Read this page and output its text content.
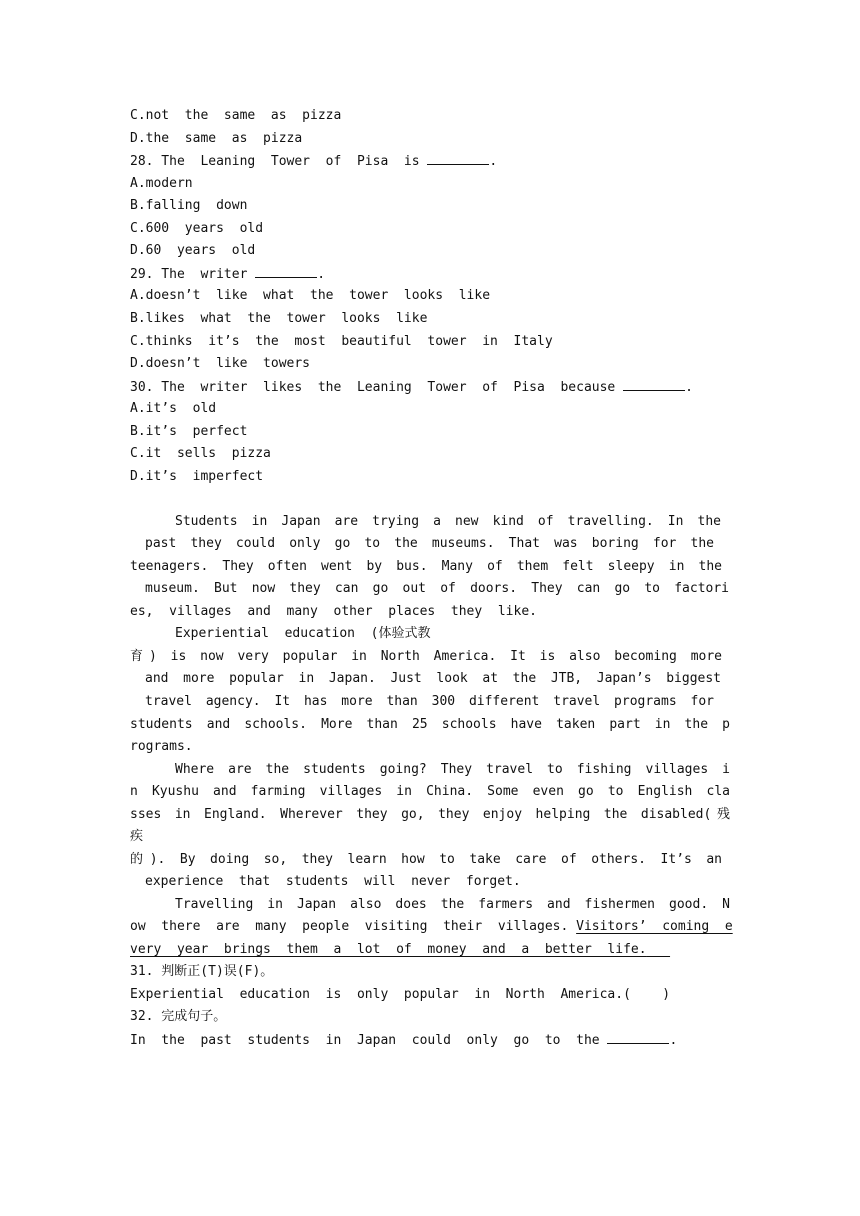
C.not  the  same  as  pizza
D.the  same  as  pizza
28. The  Leaning  Tower  of  Pisa  is	.
A.modern
B.falling  down
C.600  years  old
D.60  years  old
29. The  writer	.
A.doesn’t  like  what  the  tower  looks  like
B.likes  what  the  tower  looks  like
C.thinks  it’s  the  most  beautiful  tower  in  Italy
D.doesn’t  like  towers
30. The  writer  likes  the  Leaning  Tower  of  Pisa  because	.
A.it’s  old
B.it’s  perfect
C.it  sells  pizza
D.it’s  imperfect
Students in Japan are trying a new kind of travelling. In the
past they could only go to the museums. That was boring for the
teenagers. They often went by bus. Many of them felt sleepy in the
museum. But now they can go out of doors. They can go to factori
es,  villages  and  many  other  places  they  like.
Experiential  education  (体验式教
育) is now very popular in North America. It is also becoming more
and more popular in Japan. Just look at the JTB, Japan’s biggest
travel agency. It has more than 300 different travel programs for
students and schools. More than 25 schools have taken part in the p
rograms.
Where are the students going? They travel to fishing villages i
n Kyushu and farming villages in China. Some even go to English cla
sses in England. Wherever they go, they enjoy helping the disabled(残
疾
的). By doing so, they learn how to take care of others. It’s an
experience  that  students  will  never  forget.
Travelling in Japan also does the farmers and fishermen good. N
ow  there  are  many  people  visiting  their  villages. Visitors’  coming  e
very  year  brings  them  a  lot  of  money  and  a  better  life.
31. 判断正(T)误(F)。
Experiential  education  is  only  popular  in  North  America.(    )
32. 完成句子。
In  the  past  students  in  Japan  could  only  go  to  the	.
